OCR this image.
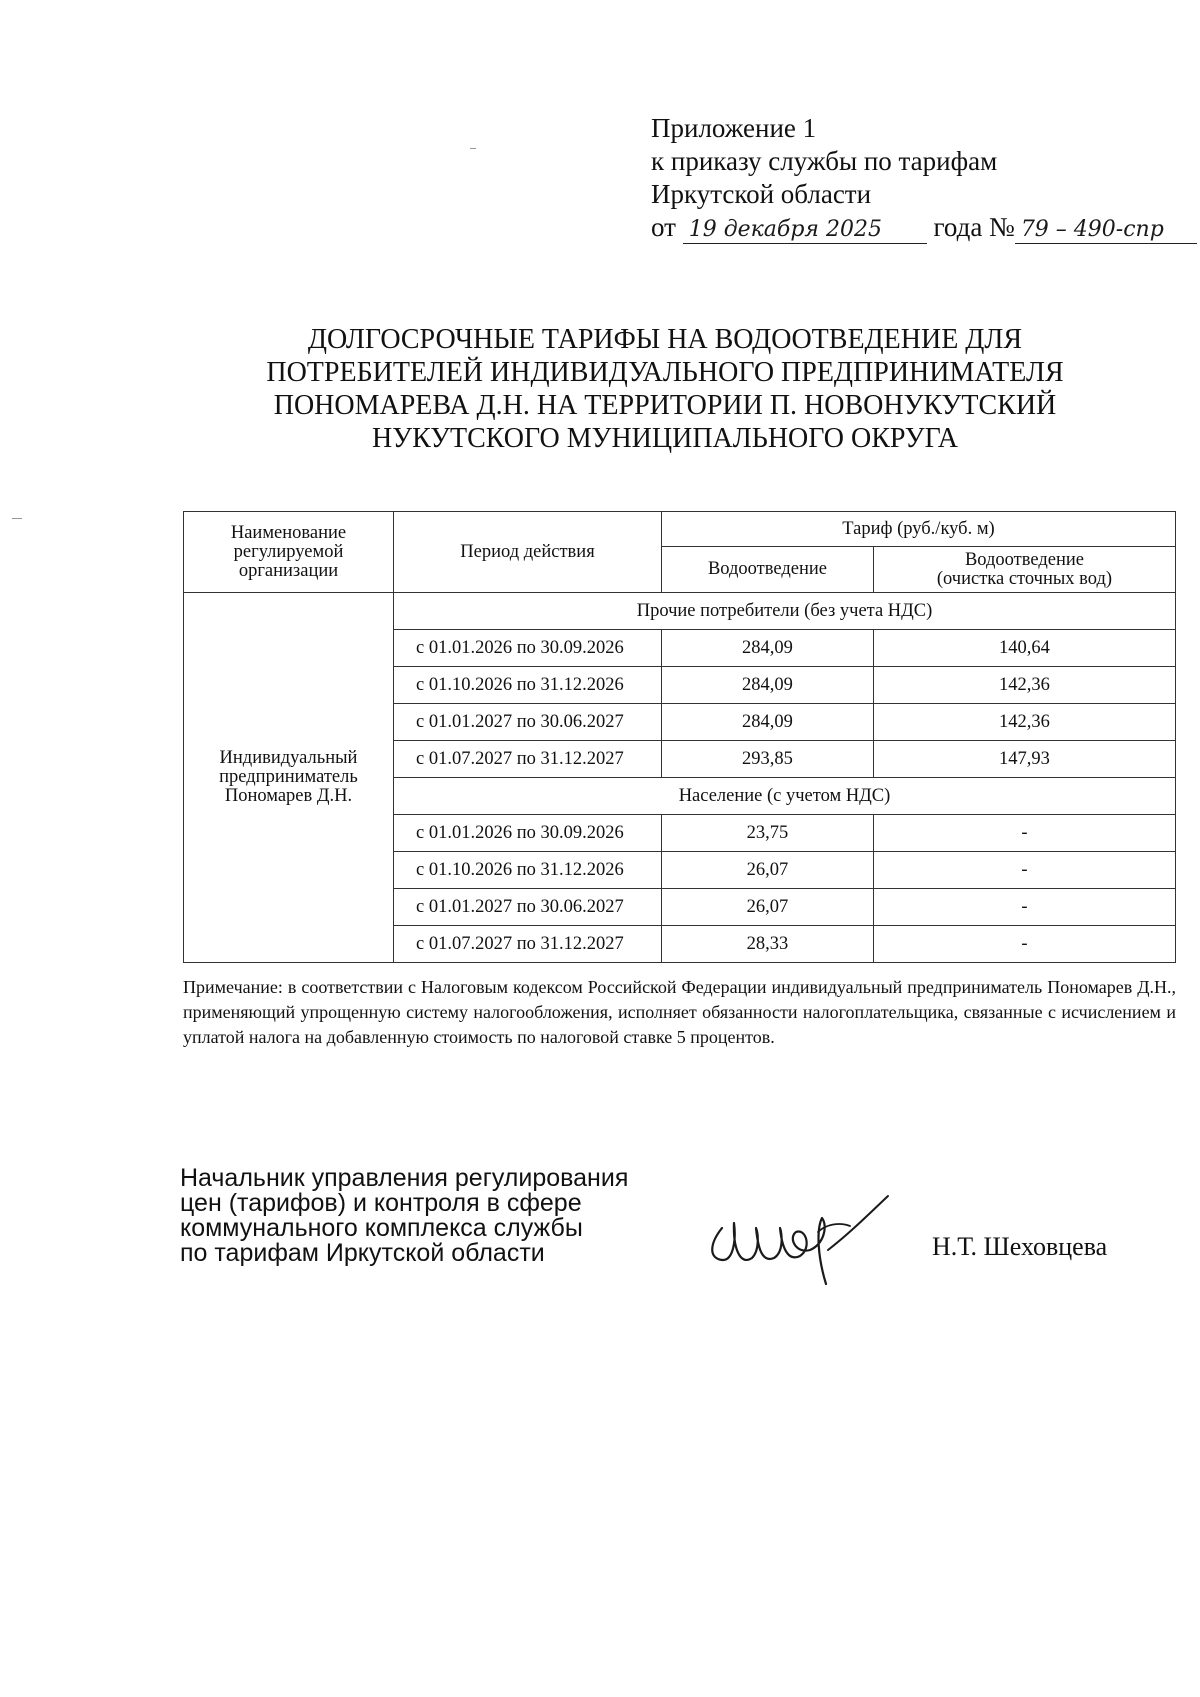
Приложение 1
к приказу службы по тарифам
Иркутской области
от 19 декабря 2025 года № 79 – 490-спр
ДОЛГОСРОЧНЫЕ ТАРИФЫ НА ВОДООТВЕДЕНИЕ ДЛЯ
ПОТРЕБИТЕЛЕЙ ИНДИВИДУАЛЬНОГО ПРЕДПРИНИМАТЕЛЯ
ПОНОМАРЕВА Д.Н. НА ТЕРРИТОРИИ П. НОВОНУКУТСКИЙ
НУКУТСКОГО МУНИЦИПАЛЬНОГО ОКРУГА
Наименование
регулируемой
организации	Период действия	Тариф (руб./куб. м)	
		Водоотведение	Водоотведение
(очистка сточных вод)
Индивидуальный
предприниматель
Пономарев Д.Н.	Прочие потребители (без учета НДС)		
	с 01.01.2026 по 30.09.2026	284,09	140,64
	с 01.10.2026 по 31.12.2026	284,09	142,36
	с 01.01.2027 по 30.06.2027	284,09	142,36
	с 01.07.2027 по 31.12.2027	293,85	147,93
	Население (с учетом НДС)		
	с 01.01.2026 по 30.09.2026	23,75	-
	с 01.10.2026 по 31.12.2026	26,07	-
	с 01.01.2027 по 30.06.2027	26,07	-
	с 01.07.2027 по 31.12.2027	28,33	-
Примечание: в соответствии с Налоговым кодексом Российской Федерации индивидуальный предприниматель Пономарев Д.Н., применяющий упрощенную систему налогообложения, исполняет обязанности налогоплательщика, связанные с исчислением и уплатой налога на добавленную стоимость по налоговой ставке 5 процентов.
Начальник управления регулирования
цен (тарифов) и контроля в сфере
коммунального комплекса службы
по тарифам Иркутской области	Н.Т. Шеховцева
